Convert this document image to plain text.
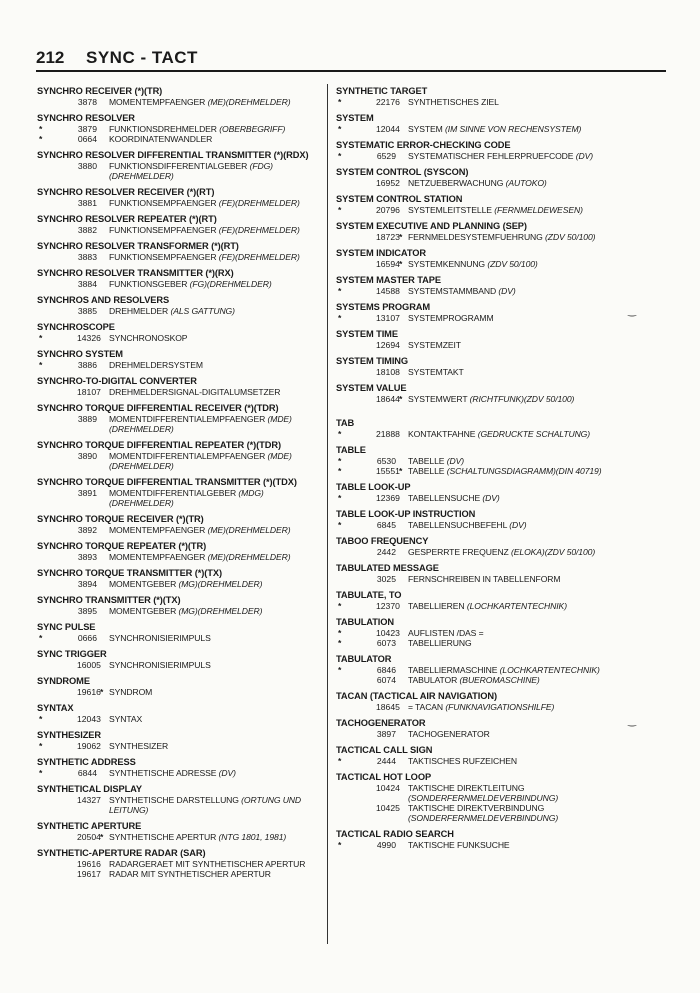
212 SYNC - TACT
SYNCHRO RECEIVER (*)(TR)
3878 MOMENTEMPFAENGER (ME)(DREHMELDER)
SYNCHRO RESOLVER
*	3879 FUNKTIONSDREHMELDER (OBERBEGRIFF)
*	0664 KOORDINATENWANDLER
SYNCHRO RESOLVER DIFFERENTIAL TRANSMITTER (*)(RDX)
3880 FUNKTIONSDIFFERENTIALGEBER (FDG)
(DREHMELDER)
SYNCHRO RESOLVER RECEIVER (*)(RT)
3881 FUNKTIONSEMPFAENGER (FE)(DREHMELDER)
SYNCHRO RESOLVER REPEATER (*)(RT)
3882 FUNKTIONSEMPFAENGER (FE)(DREHMELDER)
SYNCHRO RESOLVER TRANSFORMER (*)(RT)
3883 FUNKTIONSEMPFAENGER (FE)(DREHMELDER)
SYNCHRO RESOLVER TRANSMITTER (*)(RX)
3884 FUNKTIONSGEBER (FG)(DREHMELDER)
SYNCHROS AND RESOLVERS
3885 DREHMELDER (ALS GATTUNG)
SYNCHROSCOPE
*	14326 SYNCHRONOSKOP
SYNCHRO SYSTEM
*	3886 DREHMELDERSYSTEM
SYNCHRO-TO-DIGITAL CONVERTER
18107 DREHMELDERSIGNAL-DIGITALUMSETZER
SYNCHRO TORQUE DIFFERENTIAL RECEIVER (*)(TDR)
3889 MOMENTDIFFERENTIALEMPFAENGER (MDE)
(DREHMELDER)
SYNCHRO TORQUE DIFFERENTIAL REPEATER (*)(TDR)
3890 MOMENTDIFFERENTIALEMPFAENGER (MDE)
(DREHMELDER)
SYNCHRO TORQUE DIFFERENTIAL TRANSMITTER (*)(TDX)
3891 MOMENTDIFFERENTIALGEBER (MDG)
(DREHMELDER)
SYNCHRO TORQUE RECEIVER (*)(TR)
3892 MOMENTEMPFAENGER (ME)(DREHMELDER)
SYNCHRO TORQUE REPEATER (*)(TR)
3893 MOMENTEMPFAENGER (ME)(DREHMELDER)
SYNCHRO TORQUE TRANSMITTER (*)(TX)
3894 MOMENTGEBER (MG)(DREHMELDER)
SYNCHRO TRANSMITTER (*)(TX)
3895 MOMENTGEBER (MG)(DREHMELDER)
SYNC PULSE
*	0666 SYNCHRONISIERIMPULS
SYNC TRIGGER
16005 SYNCHRONISIERIMPULS
SYNDROME
19616 * SYNDROM
SYNTAX
*	12043 SYNTAX
SYNTHESIZER
*	19062 SYNTHESIZER
SYNTHETIC ADDRESS
*	6844 SYNTHETISCHE ADRESSE (DV)
SYNTHETICAL DISPLAY
14327 SYNTHETISCHE DARSTELLUNG (ORTUNG UND
LEITUNG)
SYNTHETIC APERTURE
20504 * SYNTHETISCHE APERTUR (NTG 1801, 1981)
SYNTHETIC-APERTURE RADAR (SAR)
19616 RADARGERAET MIT SYNTHETISCHER APERTUR
19617 RADAR MIT SYNTHETISCHER APERTUR
SYNTHETIC TARGET
*	22176 SYNTHETISCHES ZIEL
SYSTEM
*	12044 SYSTEM (IM SINNE VON RECHENSYSTEM)
SYSTEMATIC ERROR-CHECKING CODE
*	6529 SYSTEMATISCHER FEHLERPRUEFCODE (DV)
SYSTEM CONTROL (SYSCON)
16952 NETZUEBERWACHUNG (AUTOKO)
SYSTEM CONTROL STATION
*	20796 SYSTEMLEITSTELLE (FERNMELDEWESEN)
SYSTEM EXECUTIVE AND PLANNING (SEP)
18723 * FERNMELDESYSTEMFUEHRUNG (ZDV 50/100)
SYSTEM INDICATOR
16594 * SYSTEMKENNUNG (ZDV 50/100)
SYSTEM MASTER TAPE
*	14588 SYSTEMSTAMMBAND (DV)
SYSTEMS PROGRAM
*	13107 SYSTEMPROGRAMM
SYSTEM TIME
12694 SYSTEMZEIT
SYSTEM TIMING
18108 SYSTEMTAKT
SYSTEM VALUE
18644 * SYSTEMWERT (RICHTFUNK)(ZDV 50/100)
TAB
*	21888 KONTAKTFAHNE (GEDRUCKTE SCHALTUNG)
TABLE
*	6530 TABELLE (DV)
*	15551 * TABELLE (SCHALTUNGSDIAGRAMM)(DIN 40719)
TABLE LOOK-UP
*	12369 TABELLENSUCHE (DV)
TABLE LOOK-UP INSTRUCTION
*	6845 TABELLENSUCHBEFEHL (DV)
TABOO FREQUENCY
2442 GESPERRTE FREQUENZ (ELOKA)(ZDV 50/100)
TABULATED MESSAGE
3025 FERNSCHREIBEN IN TABELLENFORM
TABULATE, TO
*	12370 TABELLIEREN (LOCHKARTENTECHNIK)
TABULATION
*	10423 AUFLISTEN /DAS =
*	6073 TABELLIERUNG
TABULATOR
*	6846 TABELLIERMASCHINE (LOCHKARTENTECHNIK)
6074 TABULATOR (BUEROMASCHINE)
TACAN (TACTICAL AIR NAVIGATION)
18645 = TACAN (FUNKNAVIGATIONSHILFE)
TACHOGENERATOR
3897 TACHOGENERATOR
TACTICAL CALL SIGN
*	2444 TAKTISCHES RUFZEICHEN
TACTICAL HOT LOOP
10424 TAKTISCHE DIREKTLEITUNG
(SONDERFERNMELDEVERBINDUNG)
10425 TAKTISCHE DIREKTVERBINDUNG
(SONDERFERNMELDEVERBINDUNG)
TACTICAL RADIO SEARCH
*	4990 TAKTISCHE FUNKSUCHE
‿
‿
